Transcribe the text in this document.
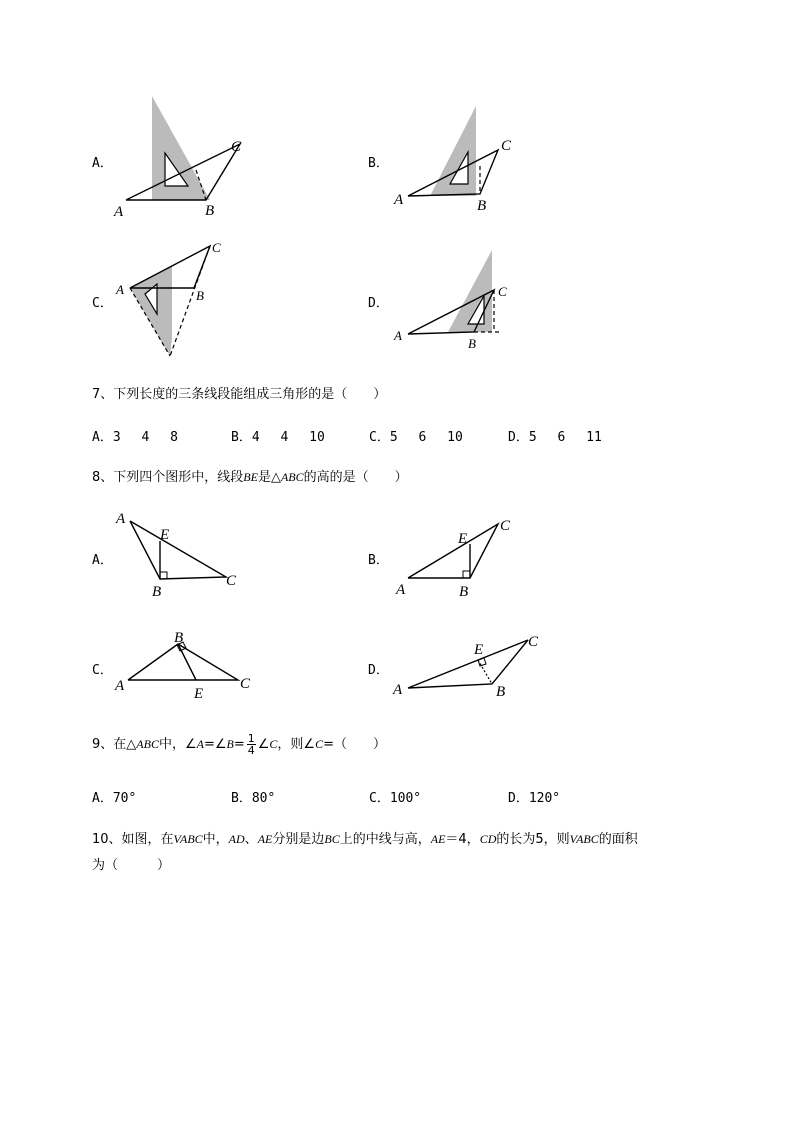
A．
A	B
C
B．
A	B
C
C．
A	B
C
D．
A
B
C
7、下列长度的三条线段能组成三角形的是（　　）
A．3　 4　 8	B．4　 4　 10	C．5　 6　 10	D．5　 6　 11
8、下列四个图形中，线段BE是△ABC的高的是（　　）
A．
A
B
C
E
B．
A	B
C
E
C．
A
B
C
E
D．
A	B
C
E
9、在△ABC中，∠A=∠B= $\frac{1}{4}$ ∠C，则∠C=（　　）
A．70°	B．80°	C．100°	D．120°
10、如图，在VABC中，AD、AE分别是边BC上的中线与高，AE＝4，CD的长为5，则VABC的面积
为（　　　）
